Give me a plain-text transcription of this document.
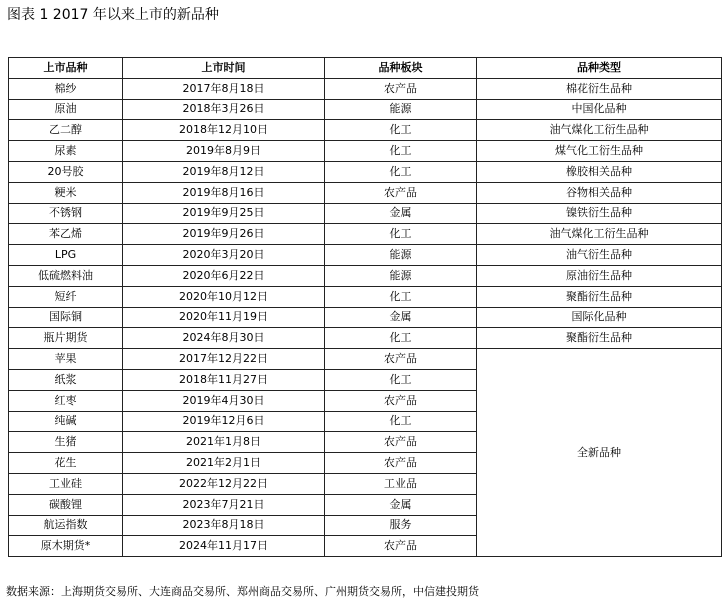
图表 1 2017 年以来上市的新品种
上市品种	上市时间	品种板块	品种类型
棉纱	2017年8月18日	农产品	棉花衍生品种
原油	2018年3月26日	能源	中国化品种
乙二醇	2018年12月10日	化工	油气煤化工衍生品种
尿素	2019年8月9日	化工	煤气化工衍生品种
20号胶	2019年8月12日	化工	橡胶相关品种
粳米	2019年8月16日	农产品	谷物相关品种
不锈钢	2019年9月25日	金属	镍铁衍生品种
苯乙烯	2019年9月26日	化工	油气煤化工衍生品种
LPG	2020年3月20日	能源	油气衍生品种
低硫燃料油	2020年6月22日	能源	原油衍生品种
短纤	2020年10月12日	化工	聚酯衍生品种
国际铜	2020年11月19日	金属	国际化品种
瓶片期货	2024年8月30日	化工	聚酯衍生品种
苹果	2017年12月22日	农产品	全新品种
纸浆	2018年11月27日	化工	
红枣	2019年4月30日	农产品	
纯碱	2019年12月6日	化工	
生猪	2021年1月8日	农产品	
花生	2021年2月1日	农产品	
工业硅	2022年12月22日	工业品	
碳酸锂	2023年7月21日	金属	
航运指数	2023年8月18日	服务	
原木期货*	2024年11月17日	农产品	
数据来源：上海期货交易所、大连商品交易所、郑州商品交易所、广州期货交易所，中信建投期货
